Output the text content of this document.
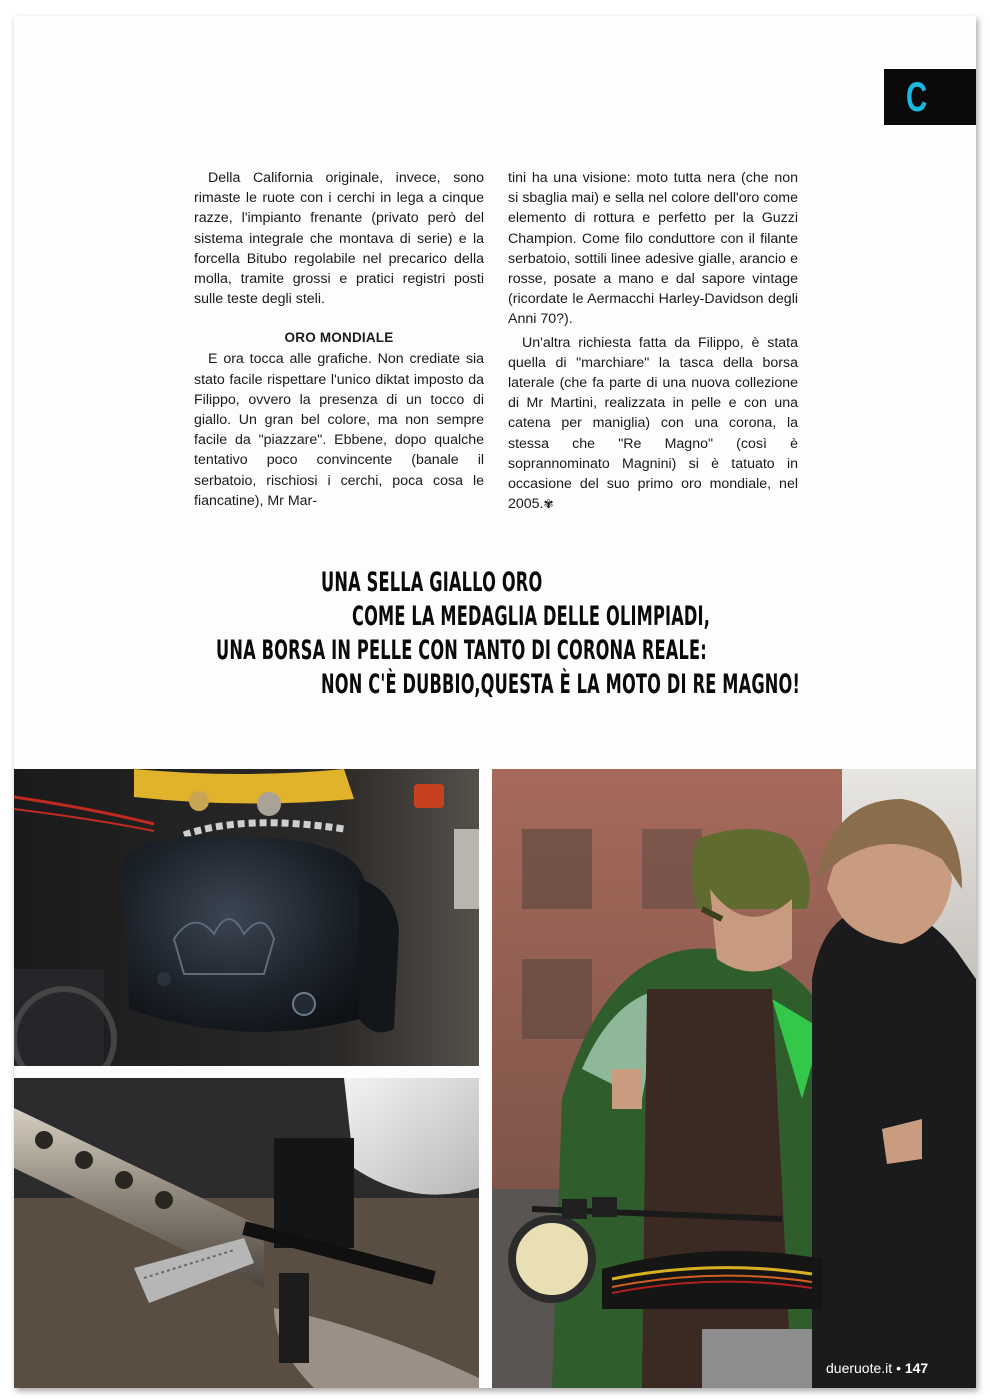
C

Della California originale, invece, sono rimaste le ruote con i cerchi in lega a cinque razze, l'impianto frenante (privato però del sistema integrale che montava di serie) e la forcella Bitubo regolabile nel precarico della molla, tramite grossi e pratici registri posti sulle teste degli steli.

ORO MONDIALE

E ora tocca alle grafiche. Non crediate sia stato facile rispettare l'unico diktat imposto da Filippo, ovvero la presenza di un tocco di giallo. Un gran bel colore, ma non sempre facile da "piazzare". Ebbene, dopo qualche tentativo poco convincente (banale il serbatoio, rischiosi i cerchi, poca cosa le fiancatine), Mr Mar-

tini ha una visione: moto tutta nera (che non si sbaglia mai) e sella nel colore dell'oro come elemento di rottura e perfetto per la Guzzi Champion. Come filo conduttore con il filante serbatoio, sottili linee adesive gialle, arancio e rosse, posate a mano e dal sapore vintage (ricordate le Aermacchi Harley-Davidson degli Anni 70?).

Un'altra richiesta fatta da Filippo, è stata quella di "marchiare" la tasca della borsa laterale (che fa parte di una nuova collezione di Mr Martini, realizzata in pelle e con una catena per maniglia) con una corona, la stessa che "Re Magno" (così è soprannominato Magnini) si è tatuato in occasione del suo primo oro mondiale, nel 2005.✾

UNA SELLA GIALLO ORO
COME LA MEDAGLIA DELLE OLIMPIADI,
UNA BORSA IN PELLE CON TANTO DI CORONA REALE:
NON C'È DUBBIO,QUESTA È LA MOTO DI RE MAGNO!
dueruote.it • 147
